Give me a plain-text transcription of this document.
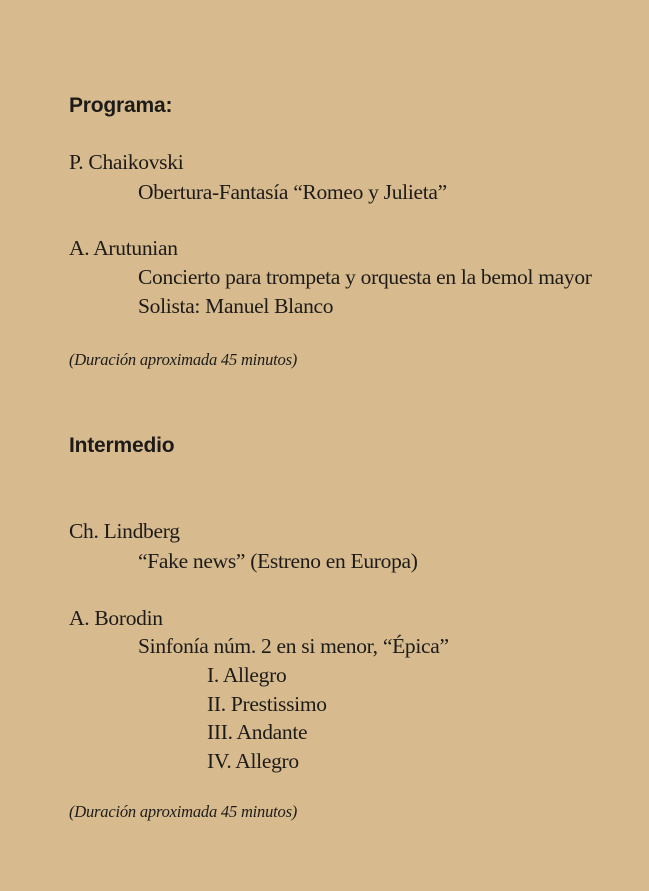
Programa:

P. Chaikovski

Obertura-Fantasía “Romeo y Julieta”

A. Arutunian

Concierto para trompeta y orquesta en la bemol mayor

Solista: Manuel Blanco

(Duración aproximada 45 minutos)

Intermedio

Ch. Lindberg

“Fake news” (Estreno en Europa)

A. Borodin

Sinfonía núm. 2 en si menor, “Épica”

I. Allegro

II. Prestissimo

III. Andante

IV. Allegro

(Duración aproximada 45 minutos)
